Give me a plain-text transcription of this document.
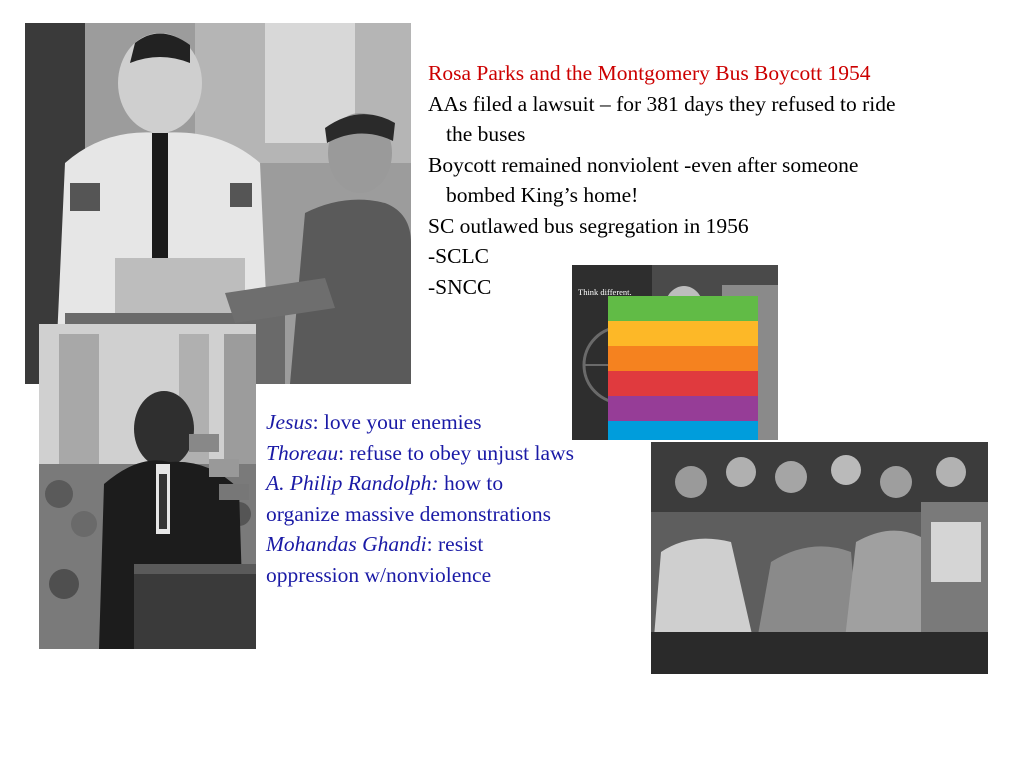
Think different.
Rosa Parks and the Montgomery Bus Boycott 1954
AAs filed a lawsuit – for 381 days they refused to ride
the buses
Boycott remained nonviolent -even after someone
bombed King’s home!
SC outlawed bus segregation in 1956
-SCLC
-SNCC
Jesus: love your enemies
Thoreau: refuse to obey unjust laws
A. Philip Randolph: how to
organize massive demonstrations
Mohandas Ghandi: resist
oppression w/nonviolence
